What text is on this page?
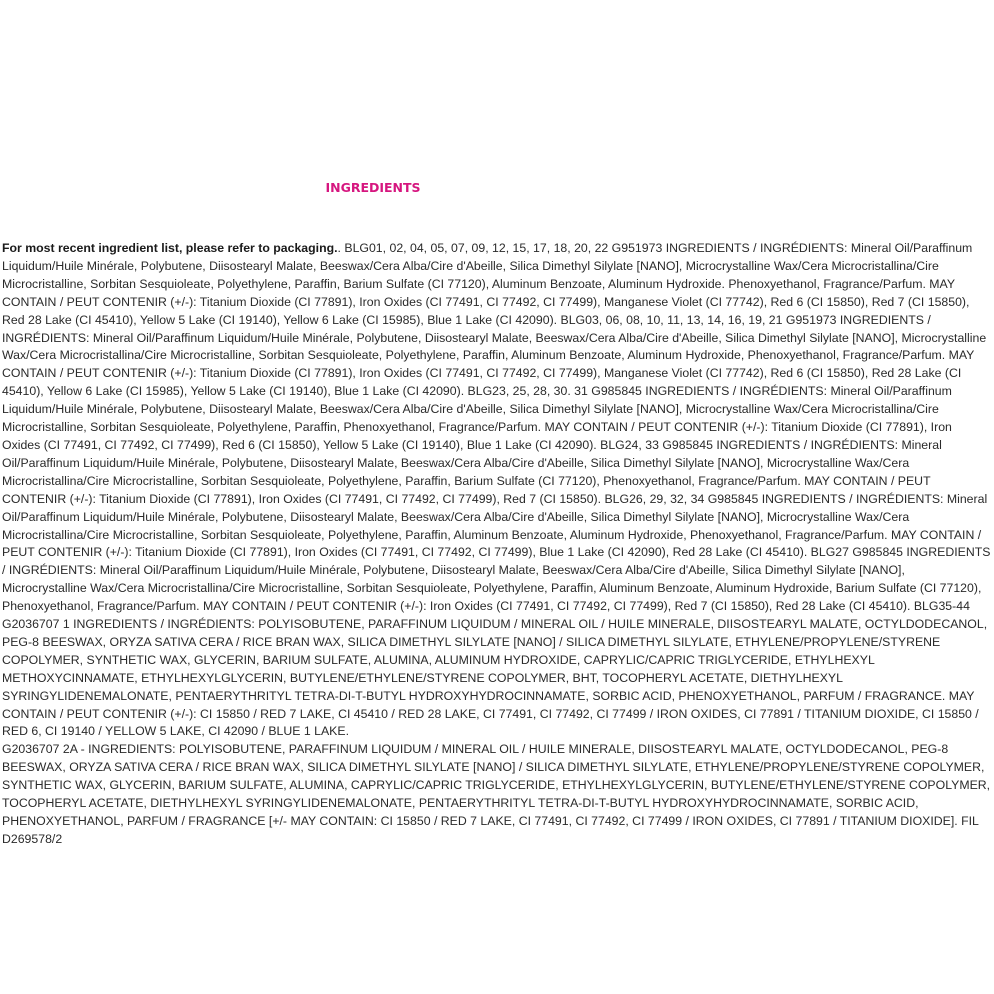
INGREDIENTS
For most recent ingredient list, please refer to packaging.. BLG01, 02, 04, 05, 07, 09, 12, 15, 17, 18, 20, 22 G951973 INGREDIENTS / INGRÉDIENTS: Mineral Oil/Paraffinum Liquidum/Huile Minérale, Polybutene, Diisostearyl Malate, Beeswax/Cera Alba/Cire d'Abeille, Silica Dimethyl Silylate [NANO], Microcrystalline Wax/Cera Microcristallina/Cire Microcristalline, Sorbitan Sesquioleate, Polyethylene, Paraffin, Barium Sulfate (CI 77120), Aluminum Benzoate, Aluminum Hydroxide. Phenoxyethanol, Fragrance/Parfum. MAY CONTAIN / PEUT CONTENIR (+/-): Titanium Dioxide (CI 77891), Iron Oxides (CI 77491, CI 77492, CI 77499), Manganese Violet (CI 77742), Red 6 (CI 15850), Red 7 (CI 15850), Red 28 Lake (CI 45410), Yellow 5 Lake (CI 19140), Yellow 6 Lake (CI 15985), Blue 1 Lake (CI 42090). BLG03, 06, 08, 10, 11, 13, 14, 16, 19, 21 G951973 INGREDIENTS / INGRÉDIENTS: Mineral Oil/Paraffinum Liquidum/Huile Minérale, Polybutene, Diisostearyl Malate, Beeswax/Cera Alba/Cire d'Abeille, Silica Dimethyl Silylate [NANO], Microcrystalline Wax/Cera Microcristallina/Cire Microcristalline, Sorbitan Sesquioleate, Polyethylene, Paraffin, Aluminum Benzoate, Aluminum Hydroxide, Phenoxyethanol, Fragrance/Parfum. MAY CONTAIN / PEUT CONTENIR (+/-): Titanium Dioxide (CI 77891), Iron Oxides (CI 77491, CI 77492, CI 77499), Manganese Violet (CI 77742), Red 6 (CI 15850), Red 28 Lake (CI 45410), Yellow 6 Lake (CI 15985), Yellow 5 Lake (CI 19140), Blue 1 Lake (CI 42090). BLG23, 25, 28, 30. 31 G985845 INGREDIENTS / INGRÉDIENTS: Mineral Oil/Paraffinum Liquidum/Huile Minérale, Polybutene, Diisostearyl Malate, Beeswax/Cera Alba/Cire d'Abeille, Silica Dimethyl Silylate [NANO], Microcrystalline Wax/Cera Microcristallina/Cire Microcristalline, Sorbitan Sesquioleate, Polyethylene, Paraffin, Phenoxyethanol, Fragrance/Parfum. MAY CONTAIN / PEUT CONTENIR (+/-): Titanium Dioxide (CI 77891), Iron Oxides (CI 77491, CI 77492, CI 77499), Red 6 (CI 15850), Yellow 5 Lake (CI 19140), Blue 1 Lake (CI 42090). BLG24, 33 G985845 INGREDIENTS / INGRÉDIENTS: Mineral Oil/Paraffinum Liquidum/Huile Minérale, Polybutene, Diisostearyl Malate, Beeswax/Cera Alba/Cire d'Abeille, Silica Dimethyl Silylate [NANO], Microcrystalline Wax/Cera Microcristallina/Cire Microcristalline, Sorbitan Sesquioleate, Polyethylene, Paraffin, Barium Sulfate (CI 77120), Phenoxyethanol, Fragrance/Parfum. MAY CONTAIN / PEUT CONTENIR (+/-): Titanium Dioxide (CI 77891), Iron Oxides (CI 77491, CI 77492, CI 77499), Red 7 (CI 15850). BLG26, 29, 32, 34 G985845 INGREDIENTS / INGRÉDIENTS: Mineral Oil/Paraffinum Liquidum/Huile Minérale, Polybutene, Diisostearyl Malate, Beeswax/Cera Alba/Cire d'Abeille, Silica Dimethyl Silylate [NANO], Microcrystalline Wax/Cera Microcristallina/Cire Microcristalline, Sorbitan Sesquioleate, Polyethylene, Paraffin, Aluminum Benzoate, Aluminum Hydroxide, Phenoxyethanol, Fragrance/Parfum. MAY CONTAIN / PEUT CONTENIR (+/-): Titanium Dioxide (CI 77891), Iron Oxides (CI 77491, CI 77492, CI 77499), Blue 1 Lake (CI 42090), Red 28 Lake (CI 45410). BLG27 G985845 INGREDIENTS / INGRÉDIENTS: Mineral Oil/Paraffinum Liquidum/Huile Minérale, Polybutene, Diisostearyl Malate, Beeswax/Cera Alba/Cire d'Abeille, Silica Dimethyl Silylate [NANO], Microcrystalline Wax/Cera Microcristallina/Cire Microcristalline, Sorbitan Sesquioleate, Polyethylene, Paraffin, Aluminum Benzoate, Aluminum Hydroxide, Barium Sulfate (CI 77120), Phenoxyethanol, Fragrance/Parfum. MAY CONTAIN / PEUT CONTENIR (+/-): Iron Oxides (CI 77491, CI 77492, CI 77499), Red 7 (CI 15850), Red 28 Lake (CI 45410). BLG35-44 G2036707 1 INGREDIENTS / INGRÉDIENTS: POLYISOBUTENE, PARAFFINUM LIQUIDUM / MINERAL OIL / HUILE MINERALE, DIISOSTEARYL MALATE, OCTYLDODECANOL, PEG-8 BEESWAX, ORYZA SATIVA CERA / RICE BRAN WAX, SILICA DIMETHYL SILYLATE [NANO] / SILICA DIMETHYL SILYLATE, ETHYLENE/PROPYLENE/STYRENE COPOLYMER, SYNTHETIC WAX, GLYCERIN, BARIUM SULFATE, ALUMINA, ALUMINUM HYDROXIDE, CAPRYLIC/CAPRIC TRIGLYCERIDE, ETHYLHEXYL METHOXYCINNAMATE, ETHYLHEXYLGLYCERIN, BUTYLENE/ETHYLENE/STYRENE COPOLYMER, BHT, TOCOPHERYL ACETATE, DIETHYLHEXYL SYRINGYLIDENEMALONATE, PENTAERYTHRITYL TETRA-DI-T-BUTYL HYDROXYHYDROCINNAMATE, SORBIC ACID, PHENOXYETHANOL, PARFUM / FRAGRANCE. MAY CONTAIN / PEUT CONTENIR (+/-): CI 15850 / RED 7 LAKE, CI 45410 / RED 28 LAKE, CI 77491, CI 77492, CI 77499 / IRON OXIDES, CI 77891 / TITANIUM DIOXIDE, CI 15850 / RED 6, CI 19140 / YELLOW 5 LAKE, CI 42090 / BLUE 1 LAKE.
G2036707 2A - INGREDIENTS: POLYISOBUTENE, PARAFFINUM LIQUIDUM / MINERAL OIL / HUILE MINERALE, DIISOSTEARYL MALATE, OCTYLDODECANOL, PEG-8 BEESWAX, ORYZA SATIVA CERA / RICE BRAN WAX, SILICA DIMETHYL SILYLATE [NANO] / SILICA DIMETHYL SILYLATE, ETHYLENE/PROPYLENE/STYRENE COPOLYMER, SYNTHETIC WAX, GLYCERIN, BARIUM SULFATE, ALUMINA, CAPRYLIC/CAPRIC TRIGLYCERIDE, ETHYLHEXYLGLYCERIN, BUTYLENE/ETHYLENE/STYRENE COPOLYMER, TOCOPHERYL ACETATE, DIETHYLHEXYL SYRINGYLIDENEMALONATE, PENTAERYTHRITYL TETRA-DI-T-BUTYL HYDROXYHYDROCINNAMATE, SORBIC ACID, PHENOXYETHANOL, PARFUM / FRAGRANCE [+/- MAY CONTAIN: CI 15850 / RED 7 LAKE, CI 77491, CI 77492, CI 77499 / IRON OXIDES, CI 77891 / TITANIUM DIOXIDE]. FIL D269578/2
